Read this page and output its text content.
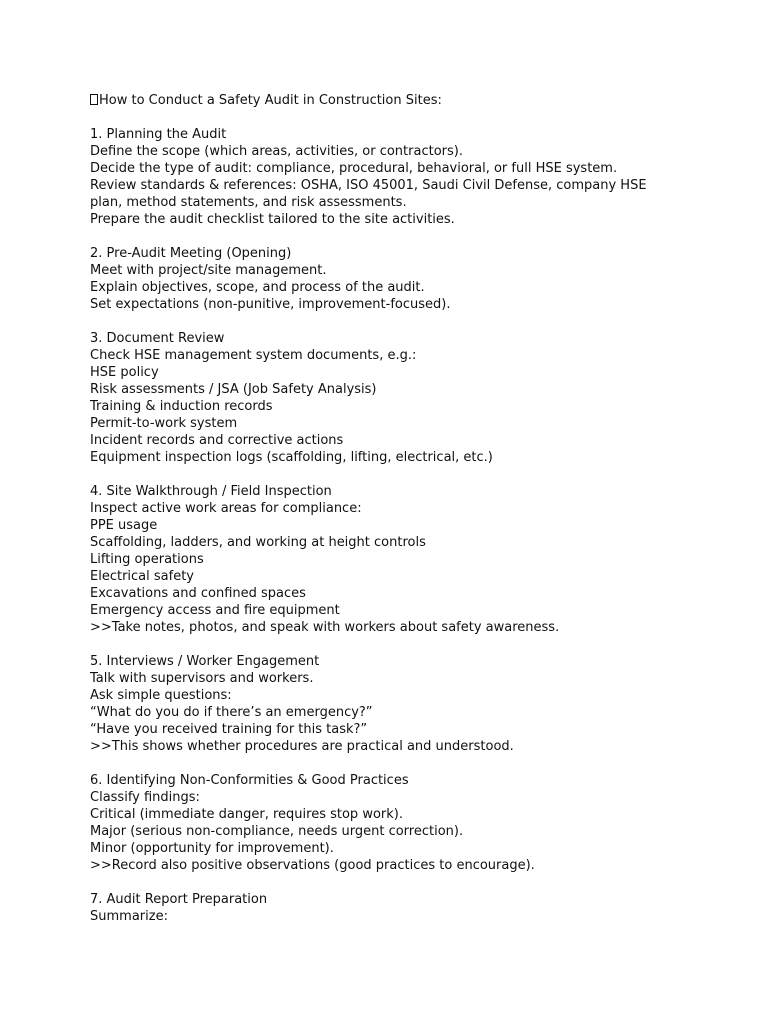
How to Conduct a Safety Audit in Construction Sites:
1. Planning the Audit
Define the scope (which areas, activities, or contractors).
Decide the type of audit: compliance, procedural, behavioral, or full HSE system.
Review standards & references: OSHA, ISO 45001, Saudi Civil Defense, company HSE
plan, method statements, and risk assessments.
Prepare the audit checklist tailored to the site activities.
2. Pre-Audit Meeting (Opening)
Meet with project/site management.
Explain objectives, scope, and process of the audit.
Set expectations (non-punitive, improvement-focused).
3. Document Review
Check HSE management system documents, e.g.:
HSE policy
Risk assessments / JSA (Job Safety Analysis)
Training & induction records
Permit-to-work system
Incident records and corrective actions
Equipment inspection logs (scaffolding, lifting, electrical, etc.)
4. Site Walkthrough / Field Inspection
Inspect active work areas for compliance:
PPE usage
Scaffolding, ladders, and working at height controls
Lifting operations
Electrical safety
Excavations and confined spaces
Emergency access and fire equipment
>>Take notes, photos, and speak with workers about safety awareness.
5. Interviews / Worker Engagement
Talk with supervisors and workers.
Ask simple questions:
“What do you do if there’s an emergency?”
“Have you received training for this task?”
>>This shows whether procedures are practical and understood.
6. Identifying Non-Conformities & Good Practices
Classify findings:
Critical (immediate danger, requires stop work).
Major (serious non-compliance, needs urgent correction).
Minor (opportunity for improvement).
>>Record also positive observations (good practices to encourage).
7. Audit Report Preparation
Summarize:
